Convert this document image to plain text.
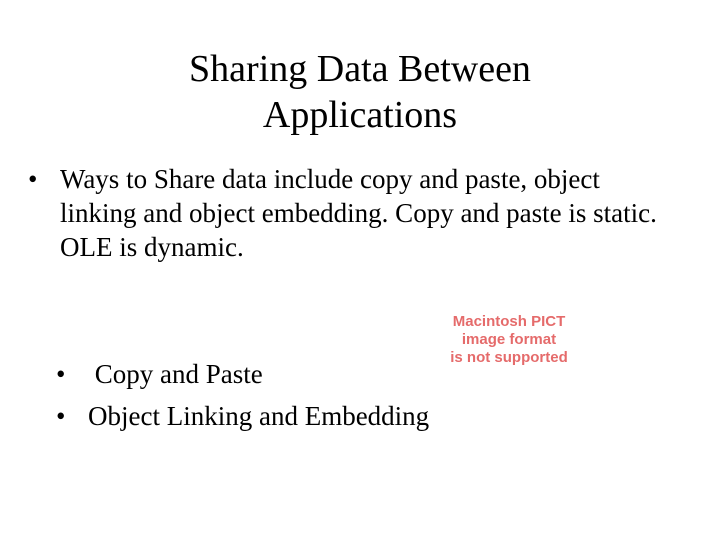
Sharing Data Between
Applications
• Ways to Share data include copy and paste, object linking and object embedding. Copy and paste is static. OLE is dynamic.
Macintosh PICT
image format
is not supported
• Copy and Paste
• Object Linking and Embedding
